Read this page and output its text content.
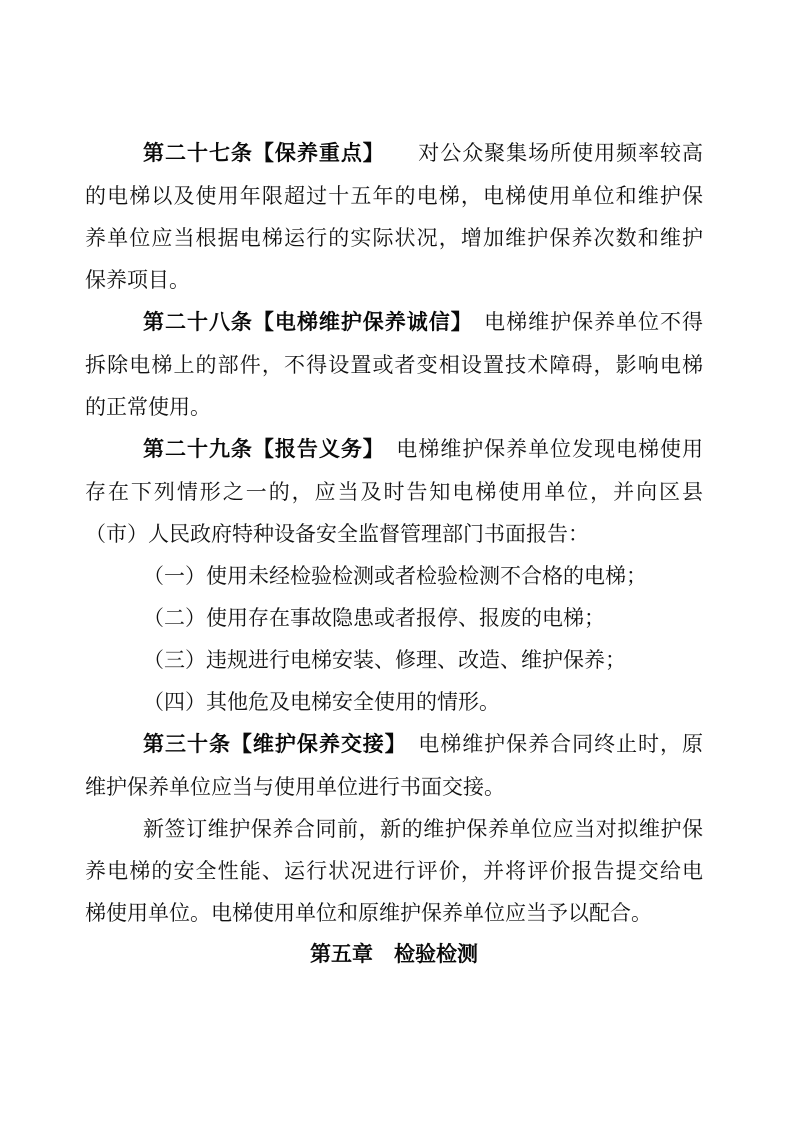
第二十七条【保养重点】　　对公众聚集场所使用频率较高
的电梯以及使用年限超过十五年的电梯，电梯使用单位和维护保
养单位应当根据电梯运行的实际状况，增加维护保养次数和维护
保养项目。
第二十八条【电梯维护保养诚信】　电梯维护保养单位不得
拆除电梯上的部件，不得设置或者变相设置技术障碍，影响电梯
的正常使用。
第二十九条【报告义务】　电梯维护保养单位发现电梯使用
存在下列情形之一的，应当及时告知电梯使用单位，并向区县
（市）人民政府特种设备安全监督管理部门书面报告：
（一）使用未经检验检测或者检验检测不合格的电梯；
（二）使用存在事故隐患或者报停、报废的电梯；
（三）违规进行电梯安装、修理、改造、维护保养；
（四）其他危及电梯安全使用的情形。
第三十条【维护保养交接】　电梯维护保养合同终止时，原
维护保养单位应当与使用单位进行书面交接。
新签订维护保养合同前，新的维护保养单位应当对拟维护保
养电梯的安全性能、运行状况进行评价，并将评价报告提交给电
梯使用单位。电梯使用单位和原维护保养单位应当予以配合。
第五章　检验检测
